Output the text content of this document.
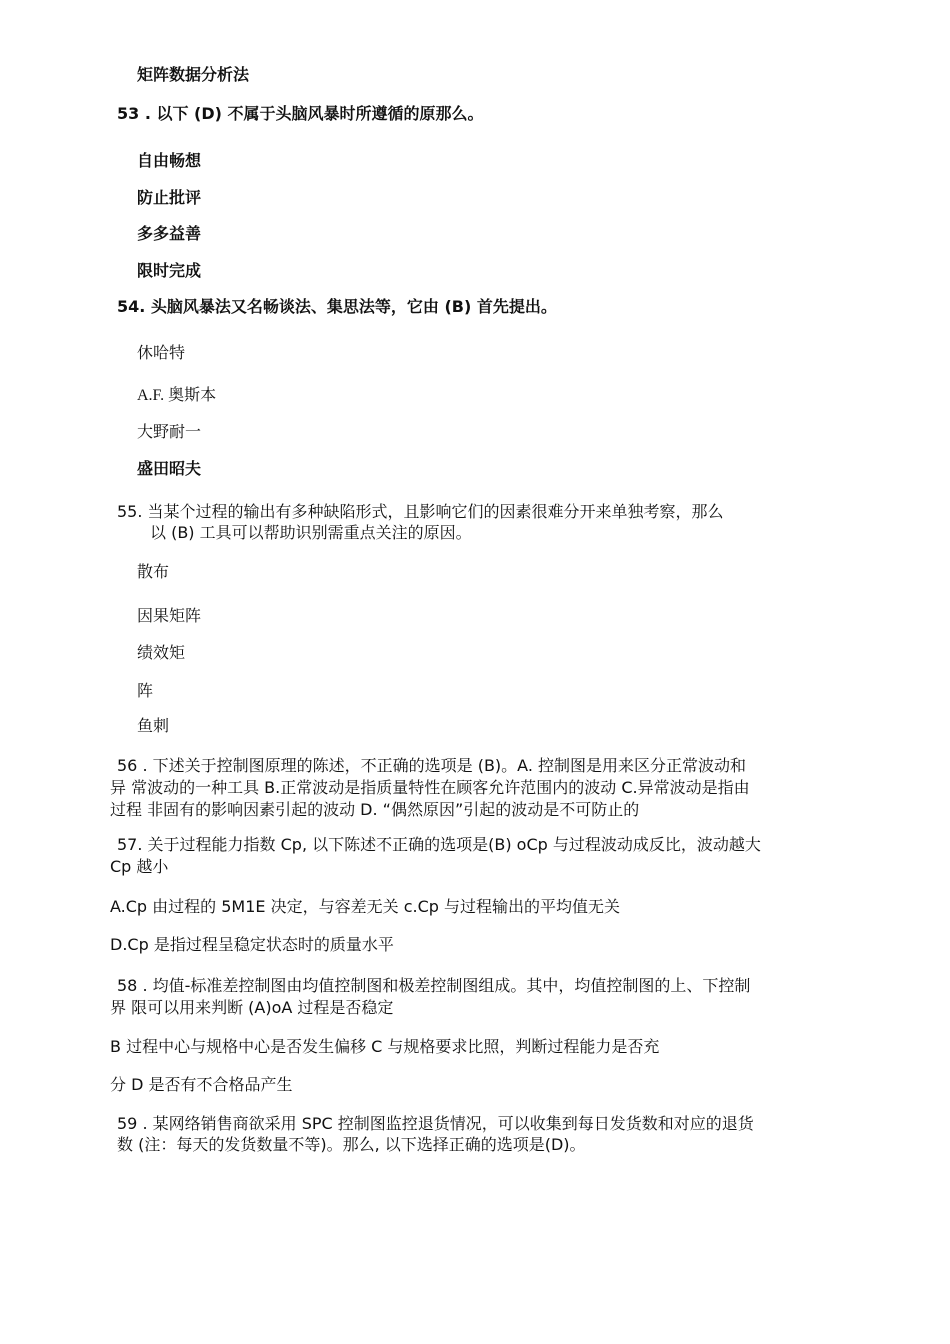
矩阵数据分析法
53 . 以下 (D) 不属于头脑风暴时所遵循的原那么。
自由畅想
防止批评
多多益善
限时完成
54. 头脑风暴法又名畅谈法、集思法等，它由 (B) 首先提出。
休哈特
A.F. 奥斯本
大野耐一
盛田昭夫
55. 当某个过程的输出有多种缺陷形式，且影响它们的因素很难分开来单独考察，那么
以 (B) 工具可以帮助识别需重点关注的原因。
散布
因果矩阵
绩效矩
阵
鱼刺
56 . 下述关于控制图原理的陈述，不正确的选项是 (B)。A. 控制图是用来区分正常波动和
异 常波动的一种工具 B.正常波动是指质量特性在顾客允许范围内的波动 C.异常波动是指由
过程 非固有的影响因素引起的波动 D. “偶然原因”引起的波动是不可防止的
57. 关于过程能力指数 Cp, 以下陈述不正确的选项是(B) oCp 与过程波动成反比，波动越大
Cp 越小
A.Cp 由过程的 5M1E 决定，与容差无关 c.Cp 与过程输出的平均值无关
D.Cp 是指过程呈稳定状态时的质量水平
58 . 均值-标准差控制图由均值控制图和极差控制图组成。其中，均值控制图的上、下控制
界 限可以用来判断 (A)oA 过程是否稳定
B 过程中心与规格中心是否发生偏移 C 与规格要求比照，判断过程能力是否充
分 D 是否有不合格品产生
59 . 某网络销售商欲采用 SPC 控制图监控退货情况，可以收集到每日发货数和对应的退货
数 (注：每天的发货数量不等)。那么, 以下选择正确的选项是(D)。
